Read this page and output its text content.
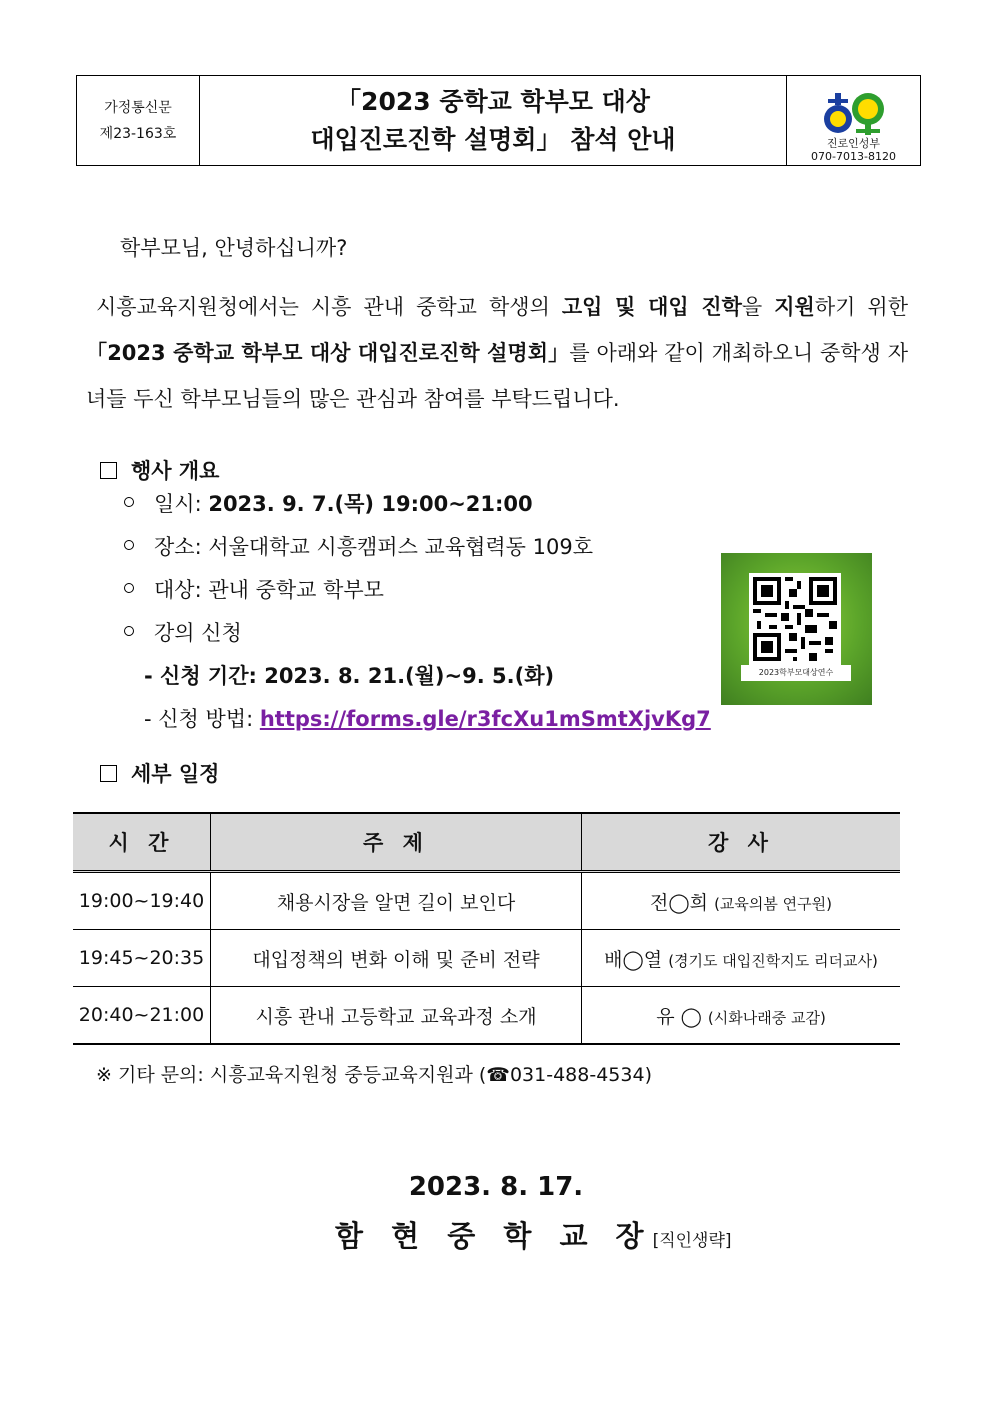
가정통신문
제23-163호
「2023 중학교 학부모 대상
대입진로진학 설명회」 참석 안내	진로인성부
070-7013-8120
학부모님, 안녕하십니까?
시흥교육지원청에서는 시흥 관내 중학교 학생의 고입 및 대입 진학을 지원하기 위한 「2023 중학교 학부모 대상 대입진로진학 설명회」를 아래와 같이 개최하오니 중학생 자녀들 두신 학부모님들의 많은 관심과 참여를 부탁드립니다.
행사 개요
일시: 2023. 9. 7.(목) 19:00~21:00
장소: 서울대학교 시흥캠퍼스 교육협력동 109호
대상: 관내 중학교 학부모
강의 신청
- 신청 기간: 2023. 8. 21.(월)~9. 5.(화)
- 신청 방법: https://forms.gle/r3fcXu1mSmtXjvKg7
2023학부모대상연수
세부 일정
시 간	주 제	강 사
19:00~19:40	채용시장을 알면 길이 보인다	전◯희 (교육의봄 연구원)
19:45~20:35	대입정책의 변화 이해 및 준비 전략	배◯열 (경기도 대입진학지도 리더교사)
20:40~21:00	시흥 관내 고등학교 교육과정 소개	유 ◯ (시화나래중 교감)
※ 기타 문의: 시흥교육지원청 중등교육지원과 (☎031-488-4534)
2023. 8. 17.
함 현 중 학 교 장[직인생략]
